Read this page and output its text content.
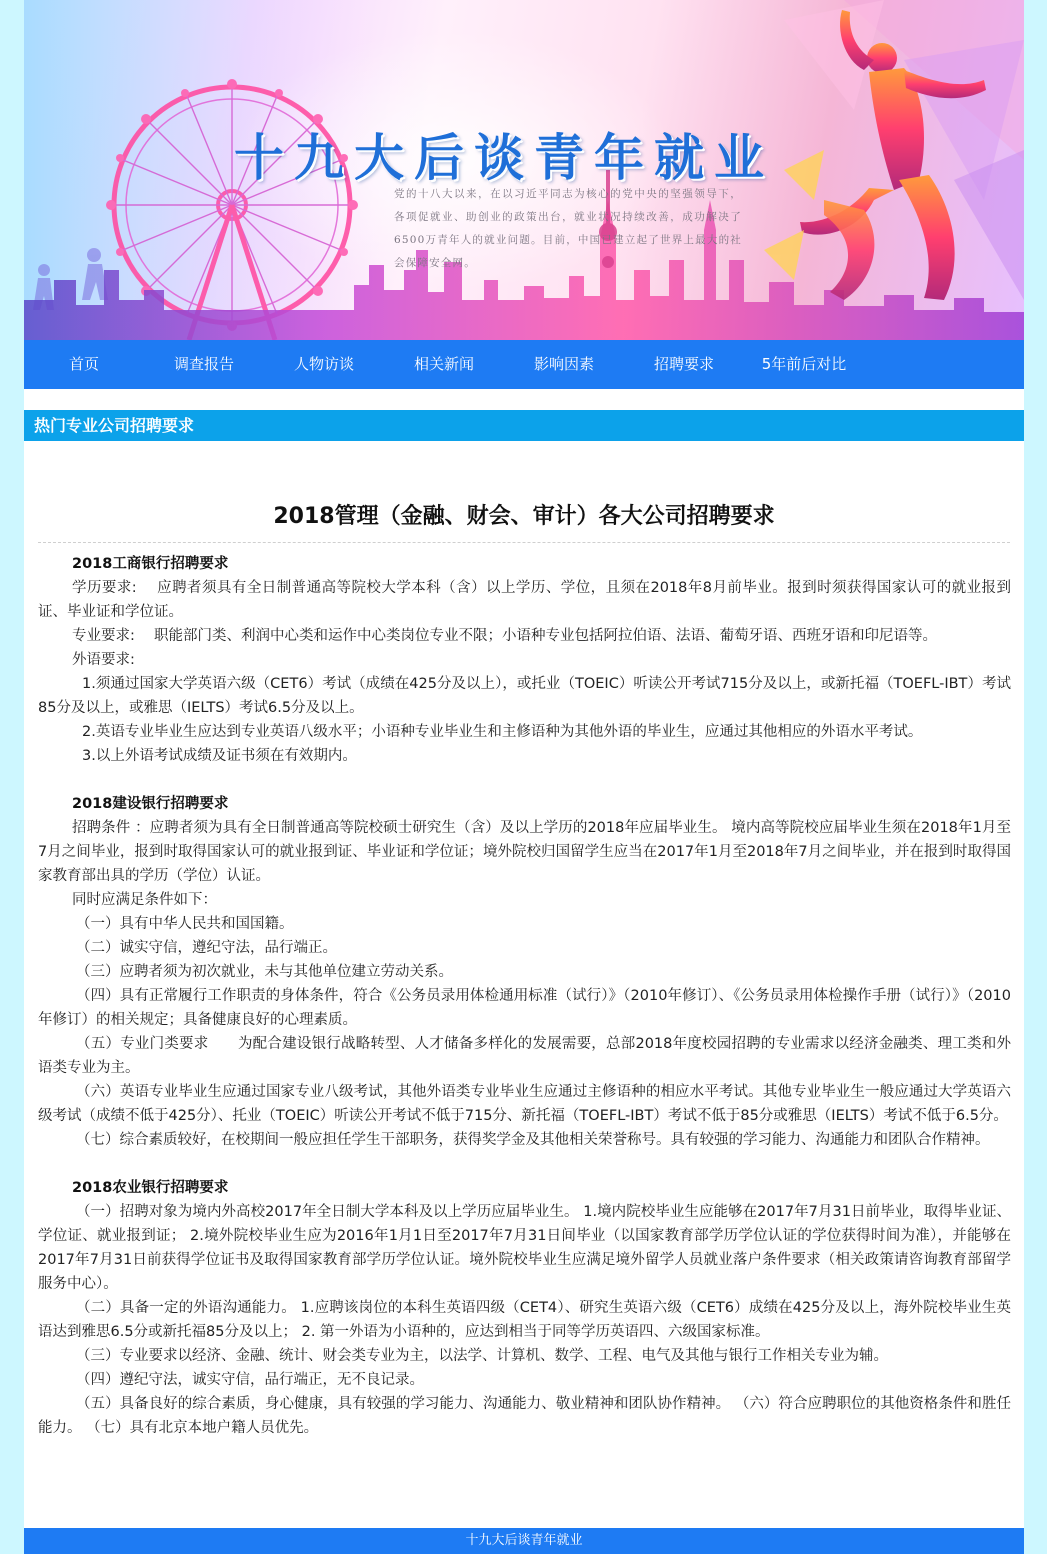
十九大后谈青年就业
党的十八大以来，在以习近平同志为核心的党中央的坚强领导下，各项促就业、助创业的政策出台，就业状况持续改善，成功解决了6500万青年人的就业问题。目前，中国已建立起了世界上最大的社会保障安全网。
首页	调查报告	人物访谈	相关新闻	影响因素	招聘要求	5年前后对比
热门专业公司招聘要求
2018管理（金融、财会、审计）各大公司招聘要求

2018工商银行招聘要求

学历要求:　 应聘者须具有全日制普通高等院校大学本科（含）以上学历、学位，且须在2018年8月前毕业。报到时须获得国家认可的就业报到证、毕业证和学位证。

专业要求:　 职能部门类、利润中心类和运作中心类岗位专业不限；小语种专业包括阿拉伯语、法语、葡萄牙语、西班牙语和印尼语等。

外语要求:

1.须通过国家大学英语六级（CET6）考试（成绩在425分及以上），或托业（TOEIC）听读公开考试715分及以上，或新托福（TOEFL-IBT）考试85分及以上，或雅思（IELTS）考试6.5分及以上。

2.英语专业毕业生应达到专业英语八级水平；小语种专业毕业生和主修语种为其他外语的毕业生，应通过其他相应的外语水平考试。

3.以上外语考试成绩及证书须在有效期内。

2018建设银行招聘要求

招聘条件 ：应聘者须为具有全日制普通高等院校硕士研究生（含）及以上学历的2018年应届毕业生。 境内高等院校应届毕业生须在2018年1月至7月之间毕业，报到时取得国家认可的就业报到证、毕业证和学位证；境外院校归国留学生应当在2017年1月至2018年7月之间毕业，并在报到时取得国家教育部出具的学历（学位）认证。

同时应满足条件如下：

（一）具有中华人民共和国国籍。

（二）诚实守信，遵纪守法，品行端正。

（三）应聘者须为初次就业，未与其他单位建立劳动关系。

（四）具有正常履行工作职责的身体条件，符合《公务员录用体检通用标准（试行）》（2010年修订）、《公务员录用体检操作手册（试行）》（2010年修订）的相关规定；具备健康良好的心理素质。

（五）专业门类要求　　为配合建设银行战略转型、人才储备多样化的发展需要，总部2018年度校园招聘的专业需求以经济金融类、理工类和外语类专业为主。

（六）英语专业毕业生应通过国家专业八级考试，其他外语类专业毕业生应通过主修语种的相应水平考试。其他专业毕业生一般应通过大学英语六级考试（成绩不低于425分）、托业（TOEIC）听读公开考试不低于715分、新托福（TOEFL-IBT）考试不低于85分或雅思（IELTS）考试不低于6.5分。

（七）综合素质较好，在校期间一般应担任学生干部职务，获得奖学金及其他相关荣誉称号。具有较强的学习能力、沟通能力和团队合作精神。

2018农业银行招聘要求

（一）招聘对象为境内外高校2017年全日制大学本科及以上学历应届毕业生。 1.境内院校毕业生应能够在2017年7月31日前毕业，取得毕业证、学位证、就业报到证； 2.境外院校毕业生应为2016年1月1日至2017年7月31日间毕业（以国家教育部学历学位认证的学位获得时间为准），并能够在2017年7月31日前获得学位证书及取得国家教育部学历学位认证。境外院校毕业生应满足境外留学人员就业落户条件要求（相关政策请咨询教育部留学服务中心）。

（二）具备一定的外语沟通能力。 1.应聘该岗位的本科生英语四级（CET4）、研究生英语六级（CET6）成绩在425分及以上，海外院校毕业生英语达到雅思6.5分或新托福85分及以上； 2. 第一外语为小语种的，应达到相当于同等学历英语四、六级国家标准。

（三）专业要求以经济、金融、统计、财会类专业为主，以法学、计算机、数学、工程、电气及其他与银行工作相关专业为辅。

（四）遵纪守法，诚实守信，品行端正，无不良记录。

（五）具备良好的综合素质，身心健康，具有较强的学习能力、沟通能力、敬业精神和团队协作精神。 （六）符合应聘职位的其他资格条件和胜任能力。 （七）具有北京本地户籍人员优先。

十九大后谈青年就业
